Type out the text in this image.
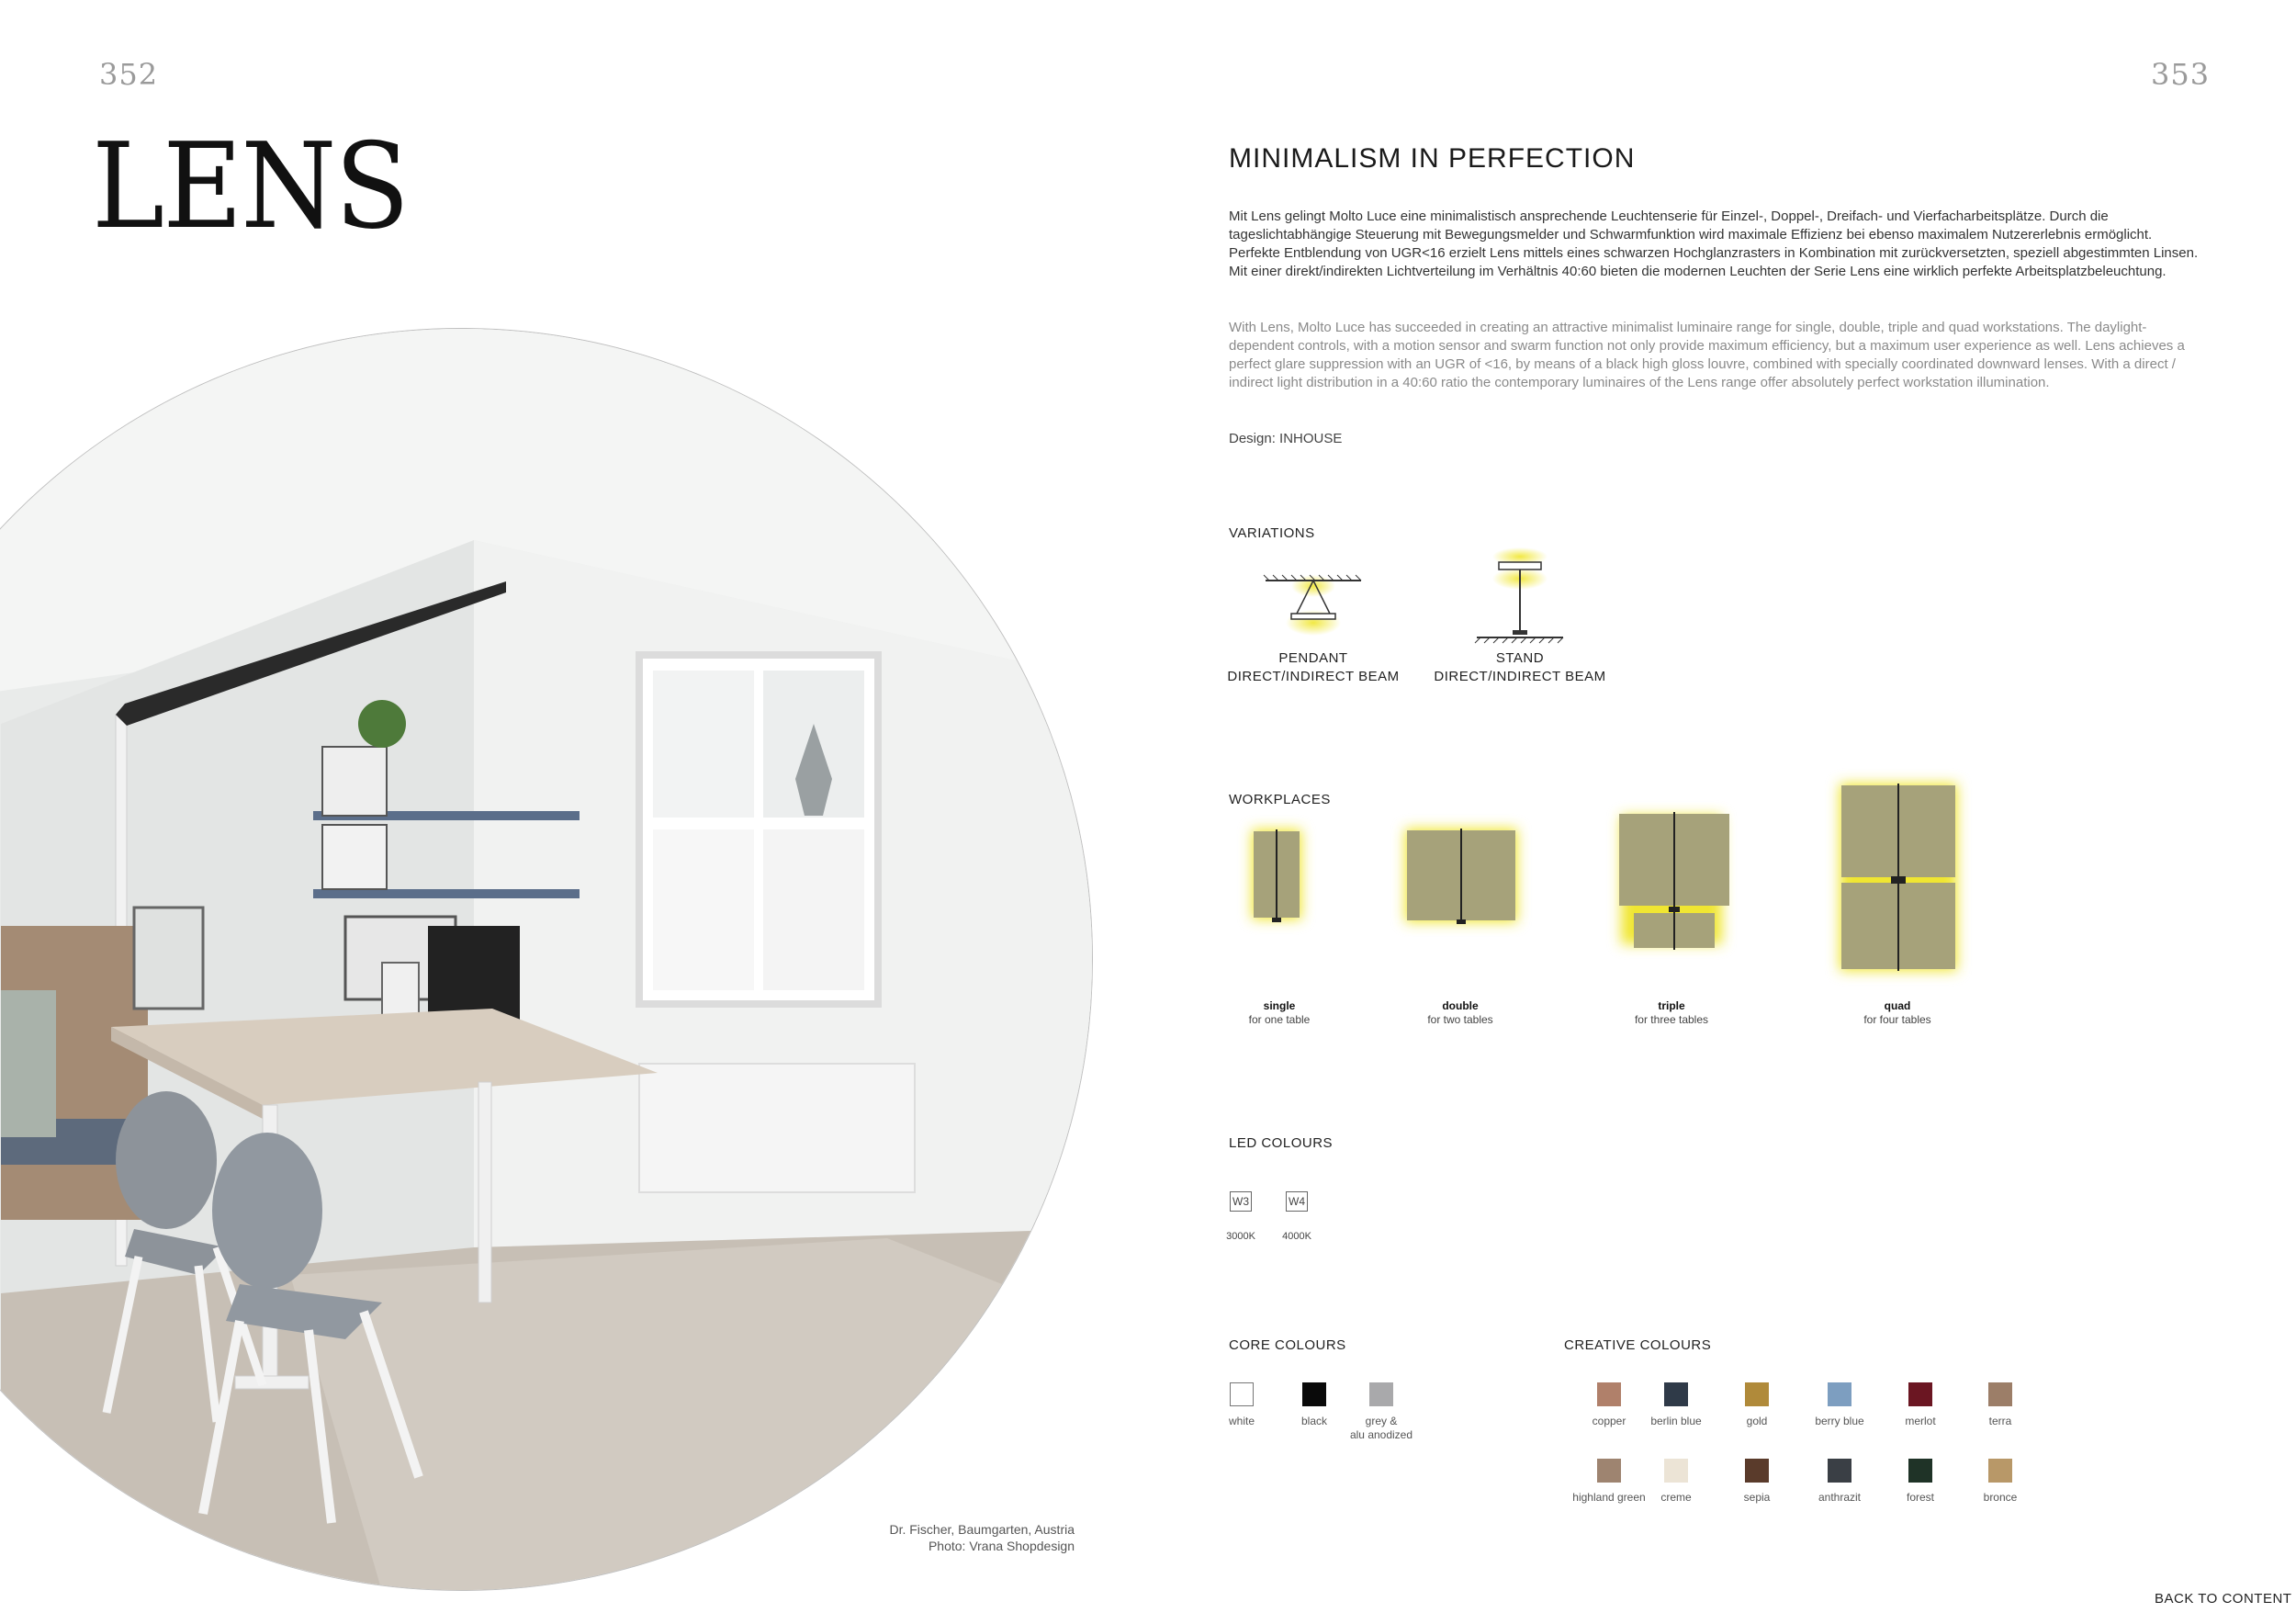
352	353
LENS
Dr. Fischer, Baumgarten, Austria
Photo: Vrana Shopdesign
MINIMALISM IN PERFECTION
Mit Lens gelingt Molto Luce eine minimalistisch ansprechende Leuchtenserie für Einzel-, Doppel-, Dreifach- und Vierfacharbeitsplätze. Durch die tageslichtabhängige Steuerung mit Bewegungsmelder und Schwarmfunktion wird maximale Effizienz bei ebenso maximalem Nutzererlebnis ermöglicht. Perfekte Entblendung von UGR<16 erzielt Lens mittels eines schwarzen Hochglanzrasters in Kombination mit zurückversetzten, speziell abgestimmten Linsen. Mit einer direkt/indirekten Lichtverteilung im Verhältnis 40:60 bieten die modernen Leuchten der Serie Lens eine wirklich perfekte Arbeitsplatzbeleuchtung.
With Lens, Molto Luce has succeeded in creating an attractive minimalist luminaire range for single, double, triple and quad workstations. The daylight-dependent controls, with a motion sensor and swarm function not only provide maximum efficiency, but a maximum user experience as well. Lens achieves a perfect glare suppression with an UGR of <16, by means of a black high gloss louvre, combined with specially coordinated downward lenses. With a direct / indirect light distribution in a 40:60 ratio the contemporary luminaires of the Lens range offer absolutely perfect workstation illumination.
Design: INHOUSE
VARIATIONS
PENDANT
DIRECT/INDIRECT BEAM
STAND
DIRECT/INDIRECT BEAM
WORKPLACES
single
for one table
double
for two tables
triple
for three tables
quad
for four tables
LED COLOURS
W3	W4
3000K	4000K
CORE COLOURS
white	black	grey &
alu anodized
CREATIVE COLOURS
copper	berlin blue	gold	berry blue	merlot	terra
highland green	creme	sepia	anthrazit	forest	bronce
BACK TO CONTENT
